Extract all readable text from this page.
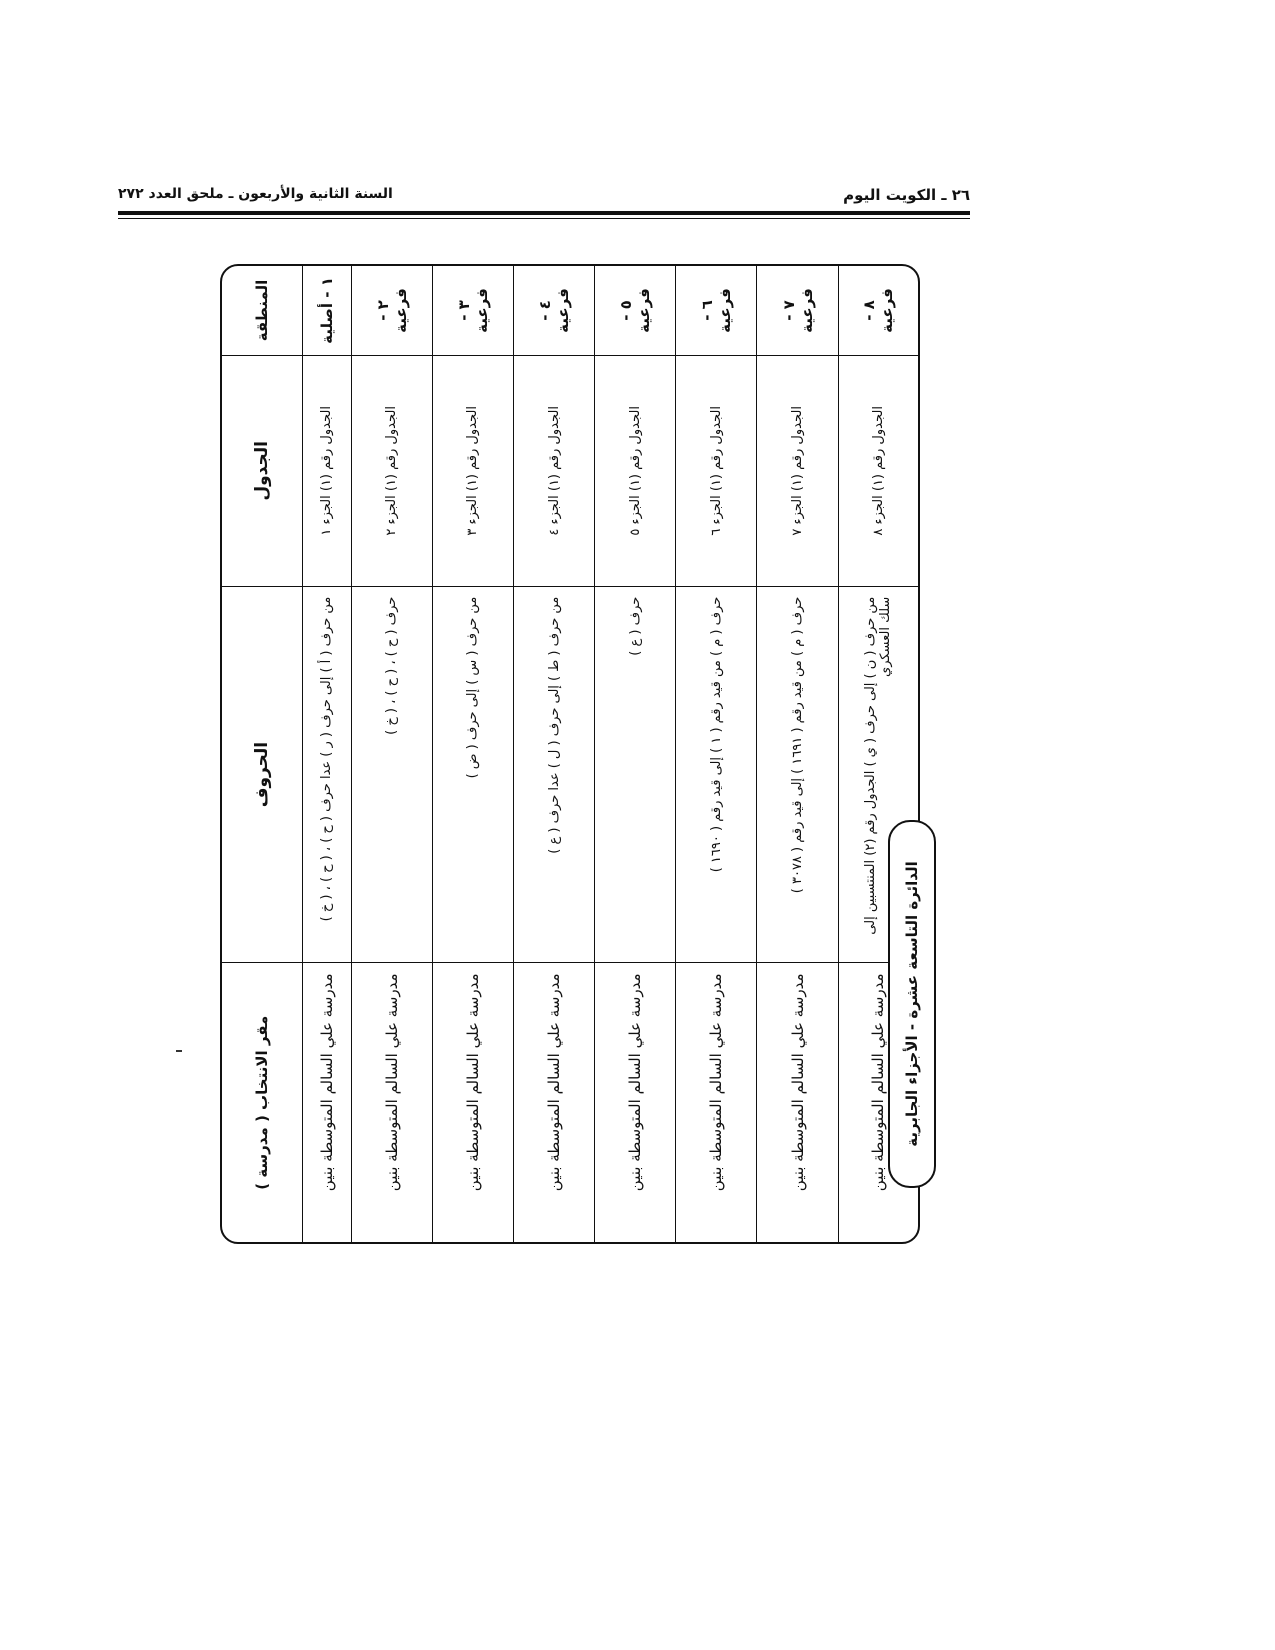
السنة الثانية والأربعون ـ ملحق العدد ٢٧٢	٢٦ ـ الكويت اليوم
المنطقة	الجدول	الحروف	مقر الانتخاب ( مدرسة )
١ - أصلية	الجدول رقم (١) الجزء ١	من حرف ( أ ) إلى حرف ( ر ) عدا حرف ( ح ) ، ( ح ) ، ( خ )	مدرسة علي السالم المتوسطة بنين
٢ - فرعية	الجدول رقم (١) الجزء ٢	حرف ( ح ) ، ( ح ) ، ( خ )	مدرسة علي السالم المتوسطة بنين
٣ - فرعية	الجدول رقم (١) الجزء ٣	من حرف ( س ) إلى حرف ( ض )	مدرسة علي السالم المتوسطة بنين
٤ - فرعية	الجدول رقم (١) الجزء ٤	من حرف ( ط ) إلى حرف ( ل ) عدا حرف ( ع )	مدرسة علي السالم المتوسطة بنين
٥ - فرعية	الجدول رقم (١) الجزء ٥	حرف ( ع )	مدرسة علي السالم المتوسطة بنين
٦ - فرعية	الجدول رقم (١) الجزء ٦	حرف ( م ) من قيد رقم ( ١ ) إلى قيد رقم ( ١٦٩٠ )	مدرسة علي السالم المتوسطة بنين
٧ - فرعية	الجدول رقم (١) الجزء ٧	حرف ( م ) من قيد رقم ( ١٦٩١ ) إلى قيد رقم ( ٣٠٧٨ )	مدرسة علي السالم المتوسطة بنين
٨ - فرعية	الجدول رقم (١) الجزء ٨	من حرف ( ن ) إلى حرف ( ي ) الجدول رقم (٢) المنتسبين إلى سلك العسكري	مدرسة علي السالم المتوسطة بنين	الدائرة التاسعة عشرة - الأجزاء الجابرية
